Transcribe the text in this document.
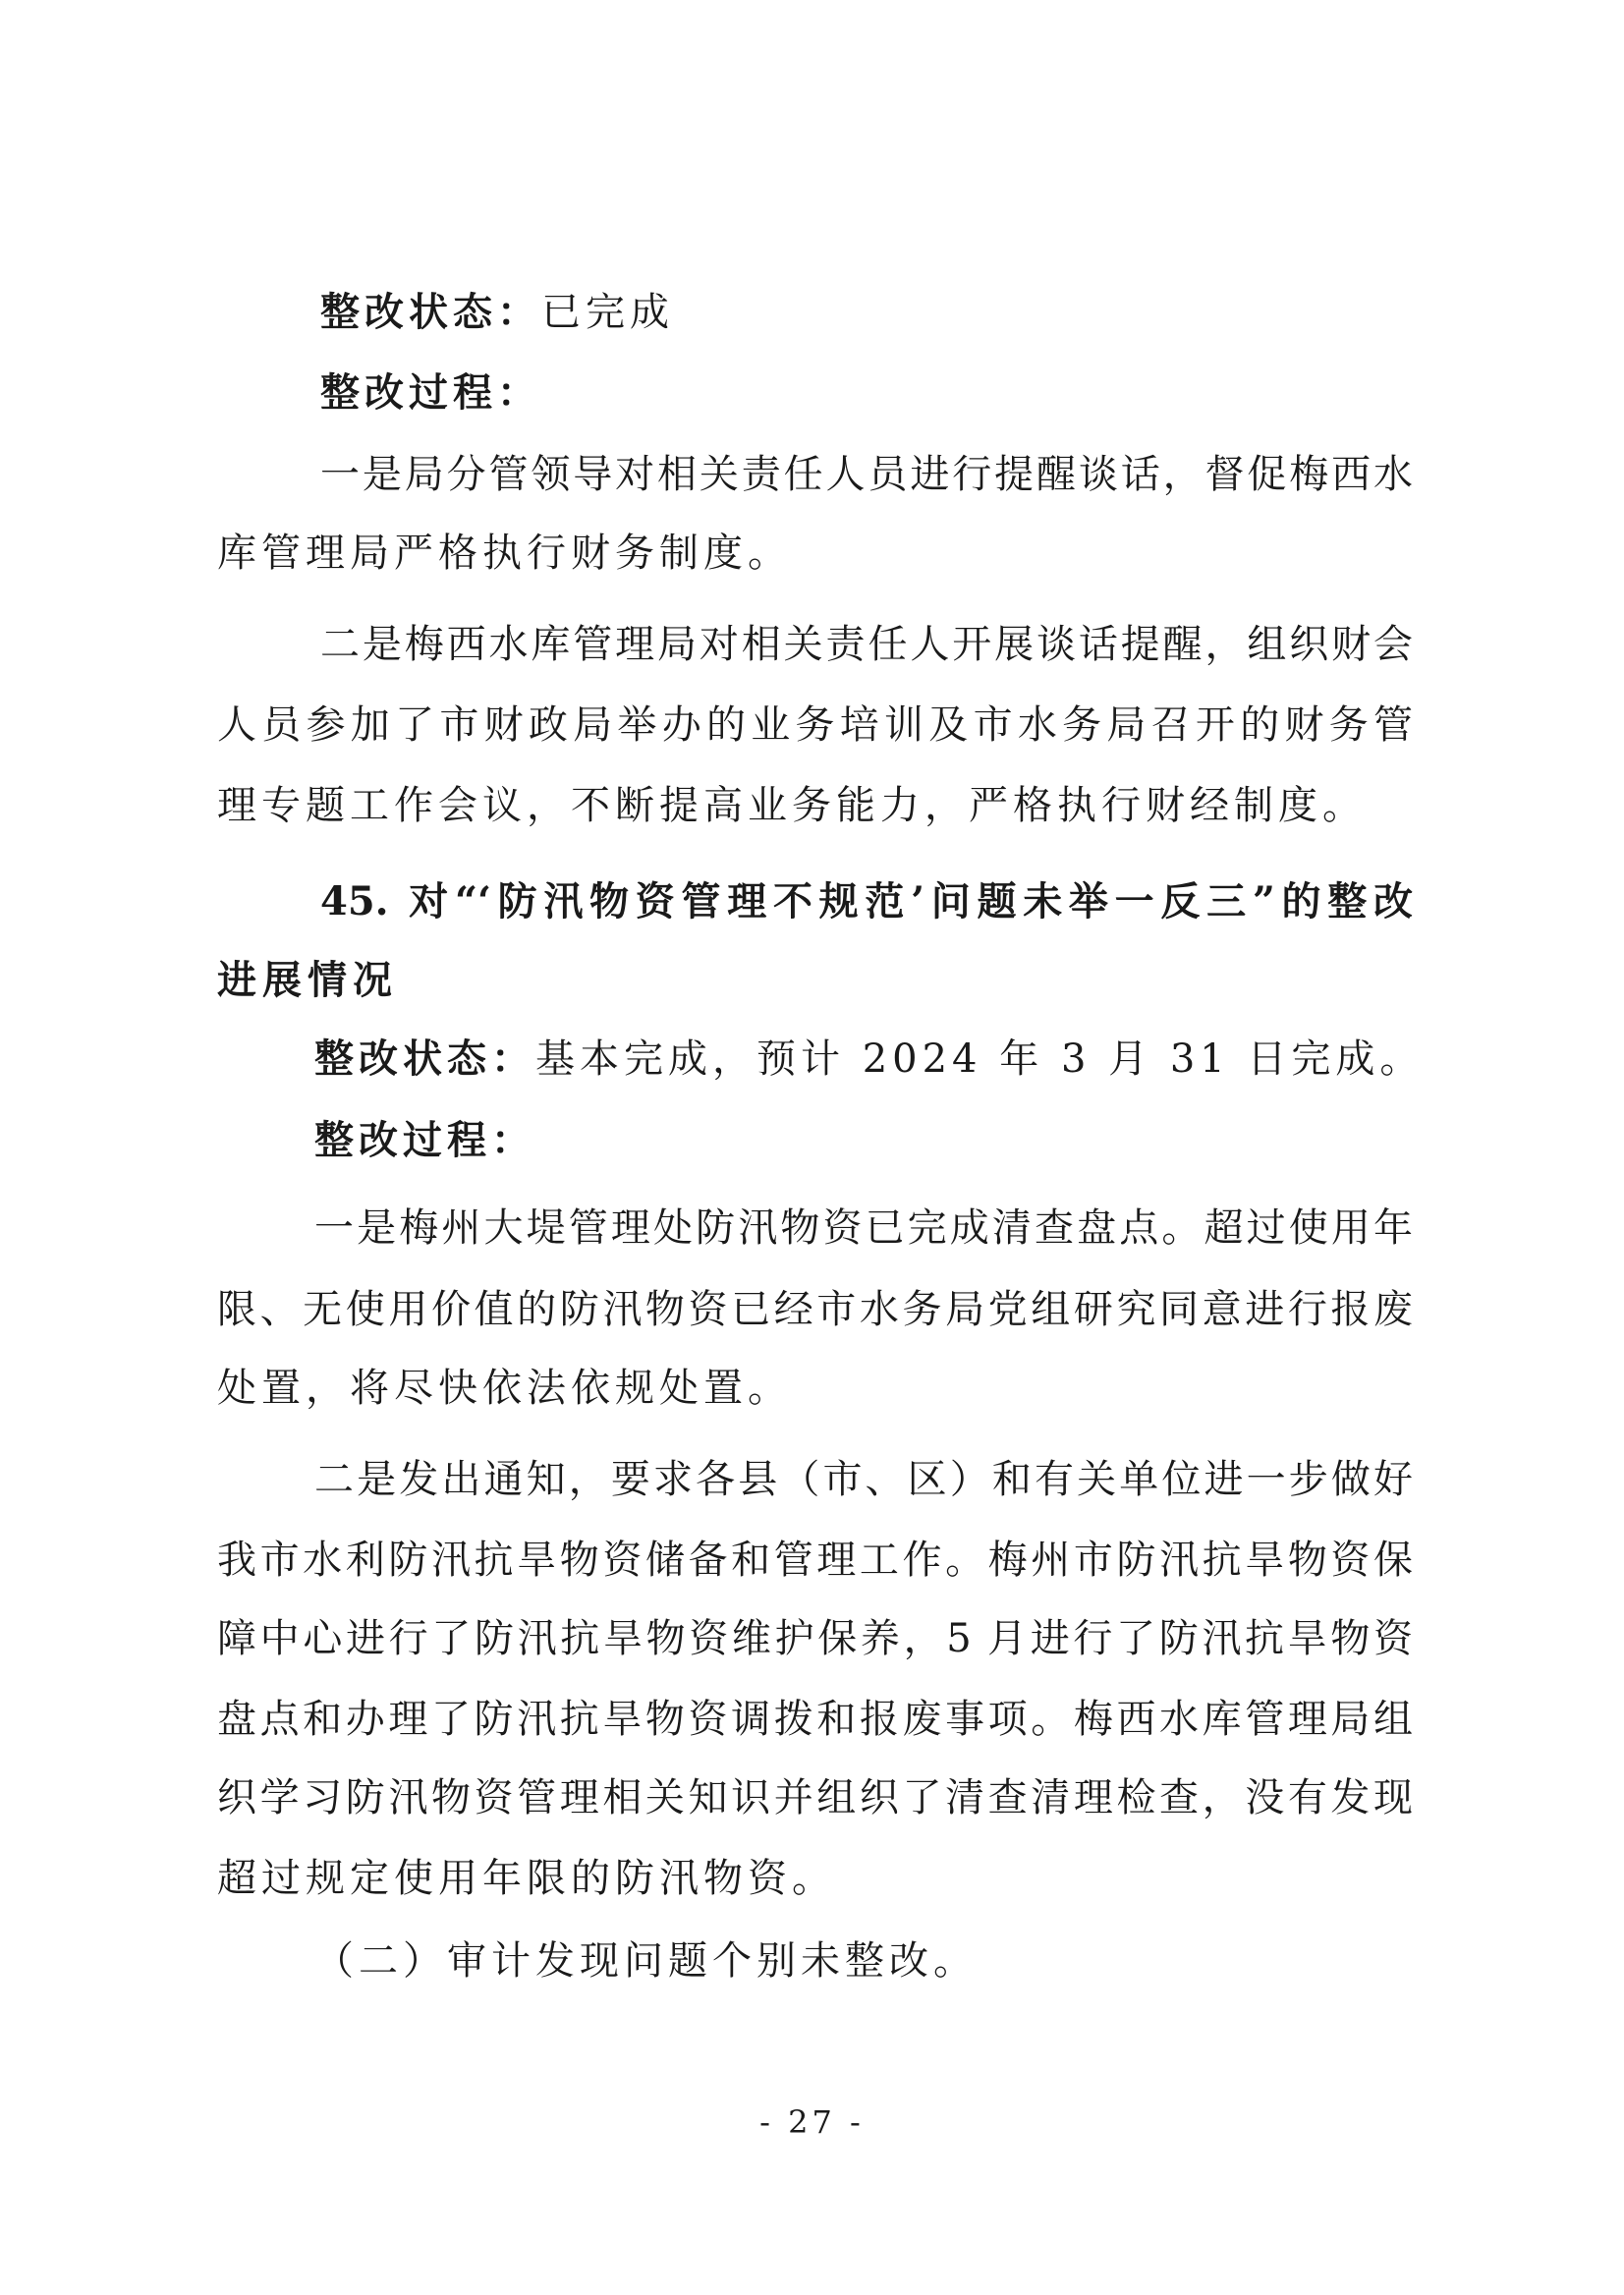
整改状态：已完成
整改过程：
一是局分管领导对相关责任人员进行提醒谈话，督促梅西水
库管理局严格执行财务制度。
二是梅西水库管理局对相关责任人开展谈话提醒，组织财会
人员参加了市财政局举办的业务培训及市水务局召开的财务管
理专题工作会议，不断提高业务能力，严格执行财经制度。
45. 对“‘防汛物资管理不规范’问题未举一反三”的整改
进展情况
整改状态：基本完成，预计 2024 年 3 月 31 日完成。
整改过程：
一是梅州大堤管理处防汛物资已完成清查盘点。超过使用年
限、无使用价值的防汛物资已经市水务局党组研究同意进行报废
处置，将尽快依法依规处置。
二是发出通知，要求各县（市、区）和有关单位进一步做好
我市水利防汛抗旱物资储备和管理工作。梅州市防汛抗旱物资保
障中心进行了防汛抗旱物资维护保养，5 月进行了防汛抗旱物资
盘点和办理了防汛抗旱物资调拨和报废事项。梅西水库管理局组
织学习防汛物资管理相关知识并组织了清查清理检查，没有发现
超过规定使用年限的防汛物资。
（二）审计发现问题个别未整改。
- 27 -
